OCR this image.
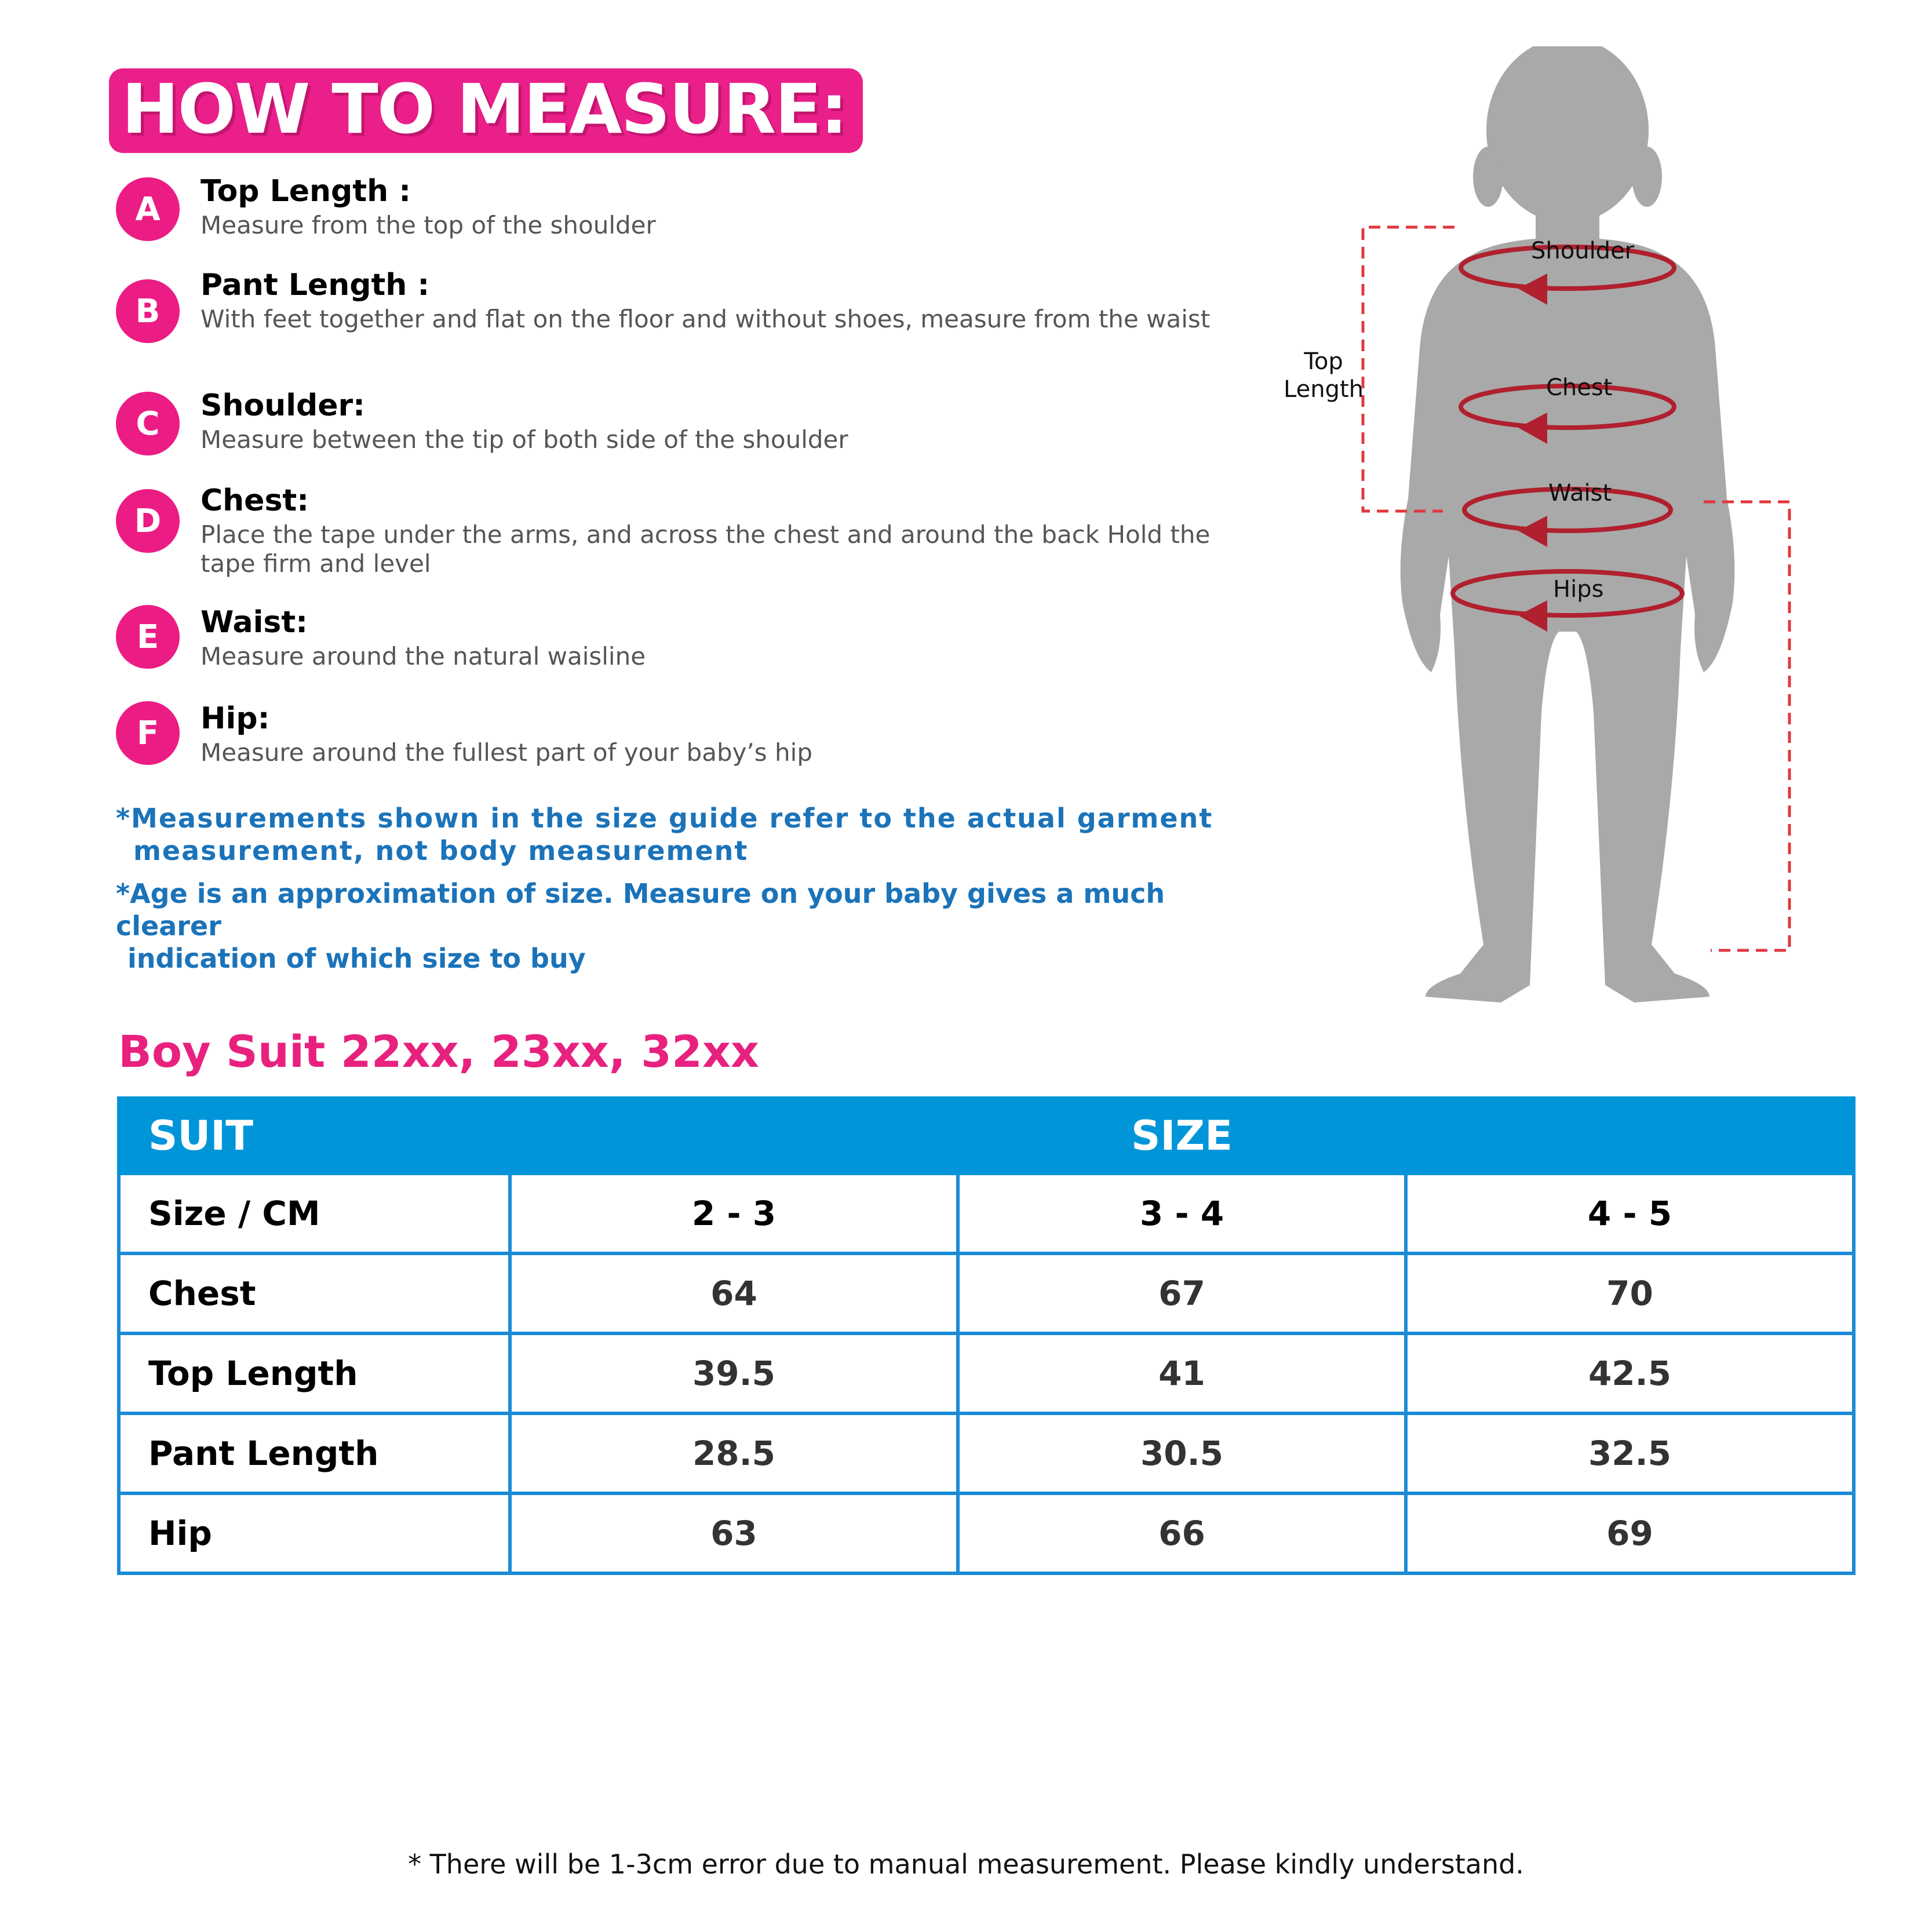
HOW TO MEASURE:
A	Top Length :
Measure from the top of the shoulder
B
Pant Length :
With feet together and flat on the floor and without shoes, measure from the waist
C	Shoulder:
Measure between the tip of both side of the shoulder
D
Chest:
Place the tape under the arms, and across the chest and around the back Hold the tape firm and level
E	Waist:
Measure around the natural waisline
F	Hip:
Measure around the fullest part of your baby’s hip
*Measurements shown in the size guide refer to the actual garment
measurement, not body measurement
*Age is an approximation of size. Measure on your baby gives a much clearer
indication of which size to buy
Shoulder
Chest
Waist
Hips
Top
Length
Boy Suit 22xx, 23xx, 32xx
SUIT	SIZE		
Size / CM	2 - 3	3 - 4	4 - 5
Chest	64	67	70
Top Length	39.5	41	42.5
Pant Length	28.5	30.5	32.5
Hip	63	66	69
* There will be 1-3cm error due to manual measurement. Please kindly understand.
